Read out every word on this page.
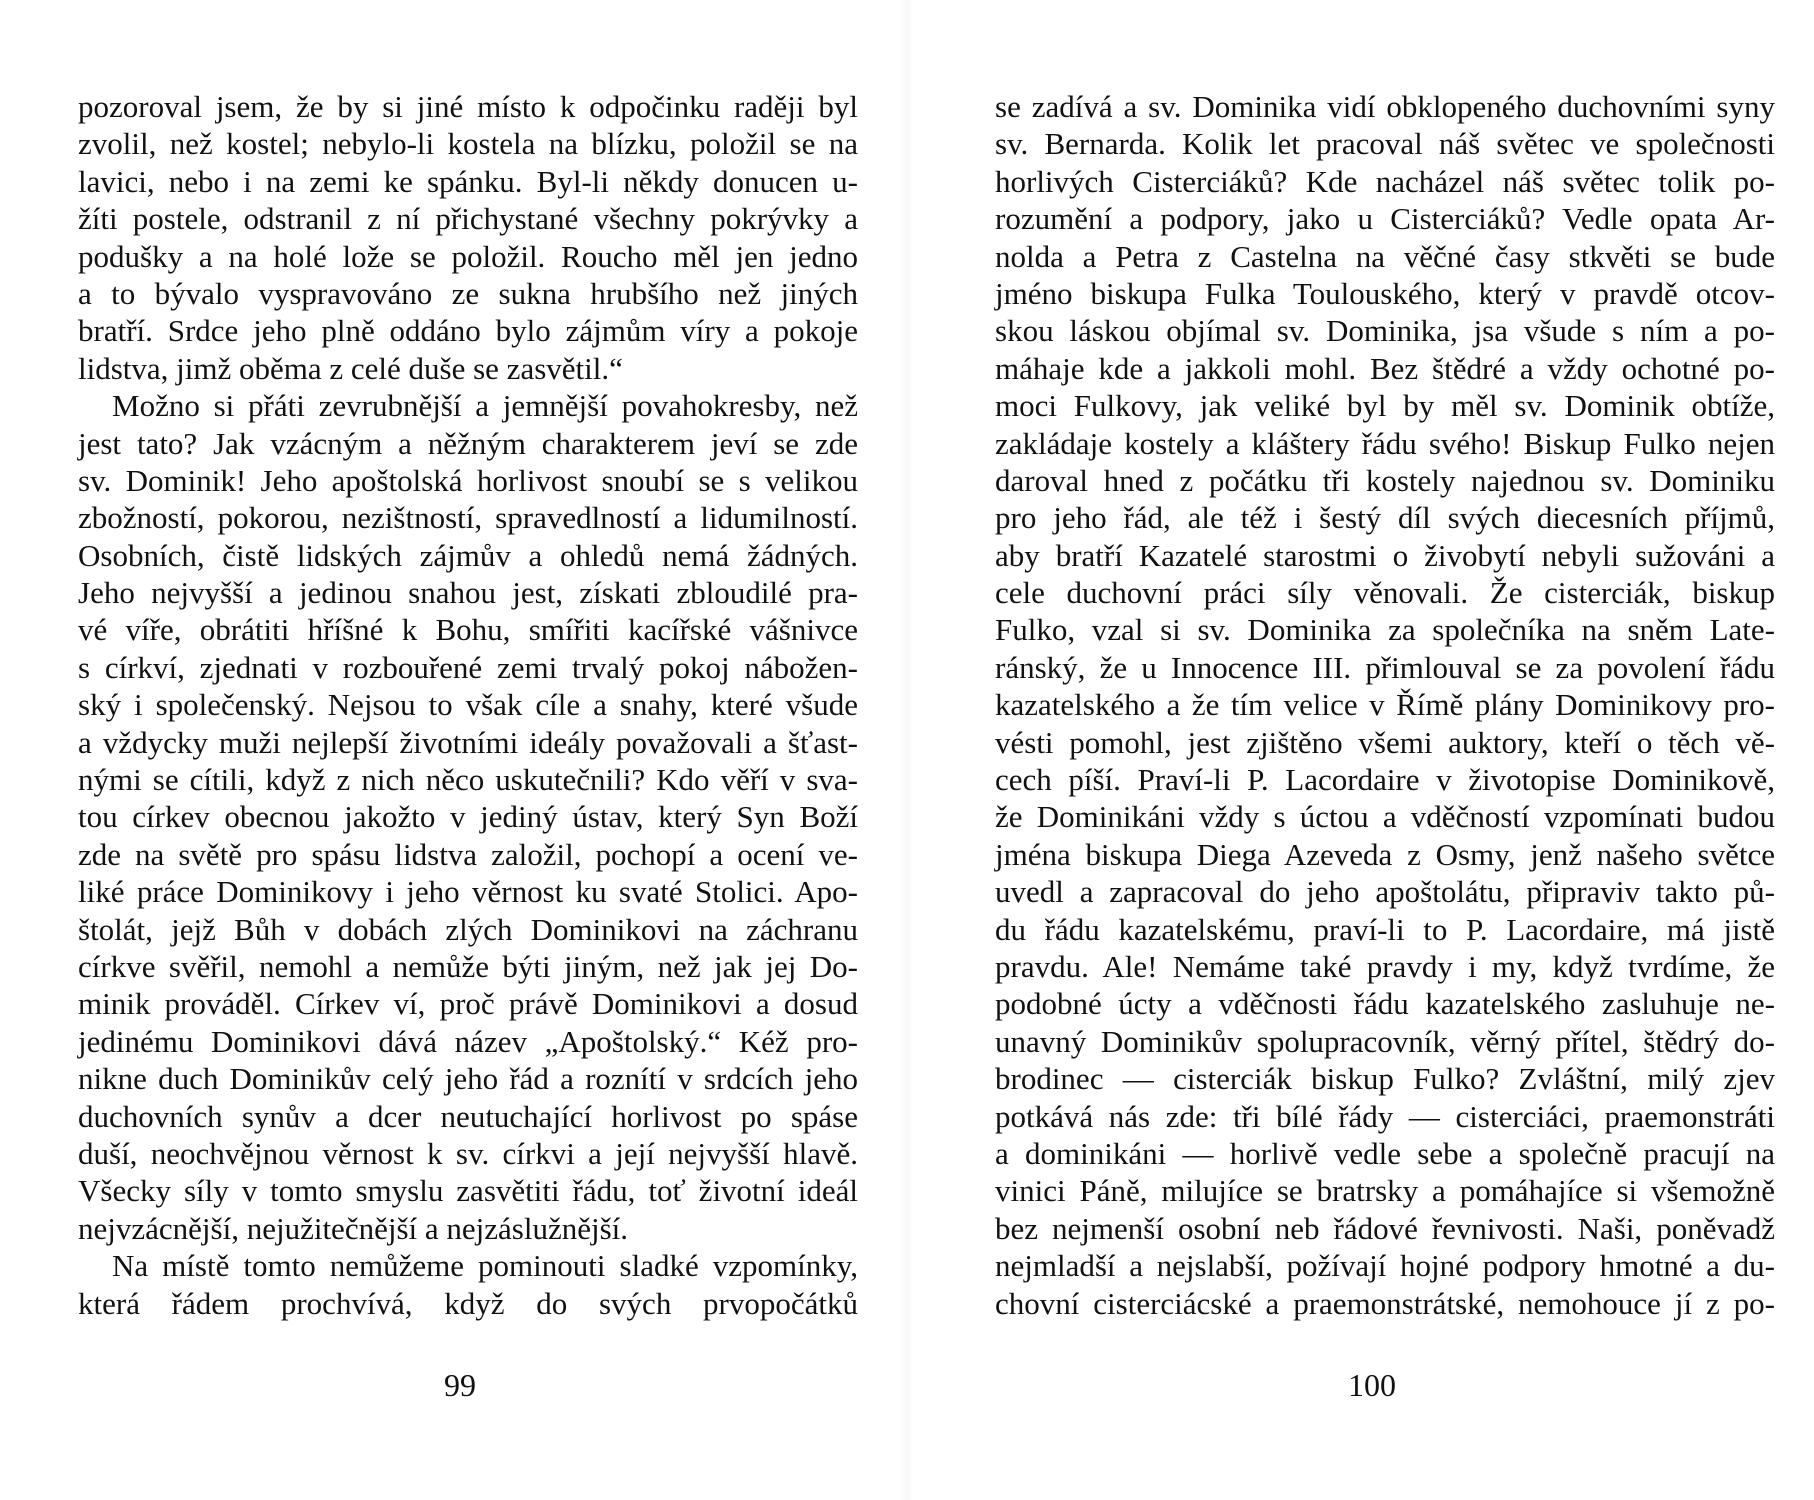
pozoroval jsem, že by si jiné místo k odpočinku raději byl
zvolil, než kostel; nebylo-li kostela na blízku, položil se na
lavici, nebo i na zemi ke spánku. Byl-li někdy donucen u-
žíti postele, odstranil z ní přichystané všechny pokrývky a
podušky a na holé lože se položil. Roucho měl jen jedno
a to bývalo vyspravováno ze sukna hrubšího než jiných
bratří. Srdce jeho plně oddáno bylo zájmům víry a pokoje
lidstva, jimž oběma z celé duše se zasvětil.“
Možno si přáti zevrubnější a jemnější povahokresby, než
jest tato? Jak vzácným a něžným charakterem jeví se zde
sv. Dominik! Jeho apoštolská horlivost snoubí se s velikou
zbožností, pokorou, nezištností, spravedlností a lidumilností.
Osobních, čistě lidských zájmův a ohledů nemá žádných.
Jeho nejvyšší a jedinou snahou jest, získati zbloudilé pra-
vé víře, obrátiti hříšné k Bohu, smířiti kacířské vášnivce
s církví, zjednati v rozbouřené zemi trvalý pokoj nábožen-
ský i společenský. Nejsou to však cíle a snahy, které všude
a vždycky muži nejlepší životními ideály považovali a šťast-
nými se cítili, když z nich něco uskutečnili? Kdo věří v sva-
tou církev obecnou jakožto v jediný ústav, který Syn Boží
zde na světě pro spásu lidstva založil, pochopí a ocení ve-
liké práce Dominikovy i jeho věrnost ku svaté Stolici. Apo-
štolát, jejž Bůh v dobách zlých Dominikovi na záchranu
církve svěřil, nemohl a nemůže býti jiným, než jak jej Do-
minik prováděl. Církev ví, proč právě Dominikovi a dosud
jedinému Dominikovi dává název „Apoštolský.“ Kéž pro-
nikne duch Dominikův celý jeho řád a roznítí v srdcích jeho
duchovních synův a dcer neutuchající horlivost po spáse
duší, neochvějnou věrnost k sv. církvi a její nejvyšší hlavě.
Všecky síly v tomto smyslu zasvětiti řádu, toť životní ideál
nejvzácnější, nejužitečnější a nejzáslužnější.
Na místě tomto nemůžeme pominouti sladké vzpomínky,
která řádem prochvívá, když do svých prvopočátků
99
se zadívá a sv. Dominika vidí obklopeného duchovními syny
sv. Bernarda. Kolik let pracoval náš světec ve společnosti
horlivých Cisterciáků? Kde nacházel náš světec tolik po-
rozumění a podpory, jako u Cisterciáků? Vedle opata Ar-
nolda a Petra z Castelna na věčné časy stkvěti se bude
jméno biskupa Fulka Toulouského, který v pravdě otcov-
skou láskou objímal sv. Dominika, jsa všude s ním a po-
máhaje kde a jakkoli mohl. Bez štědré a vždy ochotné po-
moci Fulkovy, jak veliké byl by měl sv. Dominik obtíže,
zakládaje kostely a kláštery řádu svého! Biskup Fulko nejen
daroval hned z počátku tři kostely najednou sv. Dominiku
pro jeho řád, ale též i šestý díl svých diecesních příjmů,
aby bratří Kazatelé starostmi o živobytí nebyli sužováni a
cele duchovní práci síly věnovali. Že cisterciák, biskup
Fulko, vzal si sv. Dominika za společníka na sněm Late-
ránský, že u Innocence III. přimlouval se za povolení řádu
kazatelského a že tím velice v Římě plány Dominikovy pro-
vésti pomohl, jest zjištěno všemi auktory, kteří o těch vě-
cech píší. Praví-li P. Lacordaire v životopise Dominikově,
že Dominikáni vždy s úctou a vděčností vzpomínati budou
jména biskupa Diega Azeveda z Osmy, jenž našeho světce
uvedl a zapracoval do jeho apoštolátu, připraviv takto pů-
du řádu kazatelskému, praví-li to P. Lacordaire, má jistě
pravdu. Ale! Nemáme také pravdy i my, když tvrdíme, že
podobné úcty a vděčnosti řádu kazatelského zasluhuje ne-
unavný Dominikův spolupracovník, věrný přítel, štědrý do-
brodinec — cisterciák biskup Fulko? Zvláštní, milý zjev
potkává nás zde: tři bílé řády — cisterciáci, praemonstráti
a dominikáni — horlivě vedle sebe a společně pracují na
vinici Páně, milujíce se bratrsky a pomáhajíce si všemožně
bez nejmenší osobní neb řádové řevnivosti. Naši, poněvadž
nejmladší a nejslabší, požívají hojné podpory hmotné a du-
chovní cisterciácské a praemonstrátské, nemohouce jí z po-
100
